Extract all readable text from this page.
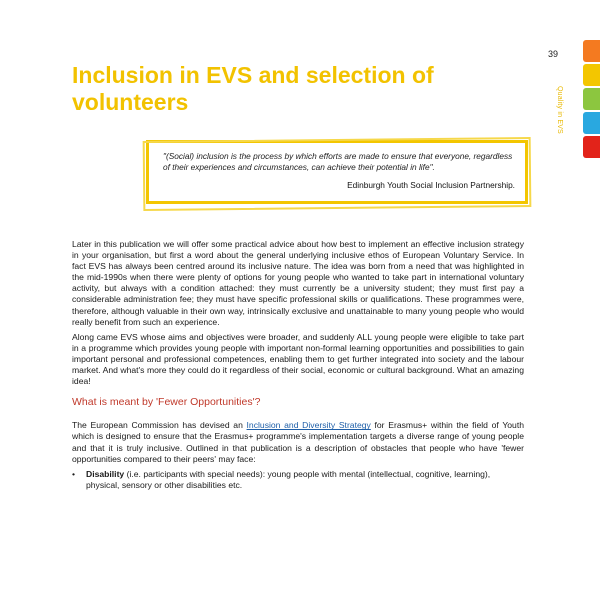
39
Quality in EVS
Inclusion in EVS and selection of volunteers
"(Social) inclusion is the process by which efforts are made to ensure that everyone, regardless of their experiences and circumstances, can achieve their potential in life".
Edinburgh Youth Social Inclusion Partnership.

Later in this publication we will offer some practical advice about how best to implement an effective inclusion strategy in your organisation, but first a word about the general underlying inclusive ethos of European Voluntary Service. In fact EVS has always been centred around its inclusive nature. The idea was born from a need that was highlighted in the mid-1990s when there were plenty of options for young people who wanted to take part in international voluntary activity, but always with a condition attached: they must currently be a university student; they must first pay a considerable administration fee; they must have specific professional skills or qualifications. These programmes were, therefore, although valuable in their own way, intrinsically exclusive and unattainable to many young people who would really benefit from such an experience.

Along came EVS whose aims and objectives were broader, and suddenly ALL young people were eligible to take part in a programme which provides young people with important non-formal learning opportunities and possibilities to gain important personal and professional competences, enabling them to get further integrated into society and the labour market. And what's more they could do it regardless of their social, economic or cultural background. What an amazing idea!

What is meant by 'Fewer Opportunities'?

The European Commission has devised an Inclusion and Diversity Strategy for Erasmus+ within the field of Youth which is designed to ensure that the Erasmus+ programme's implementation targets a diverse range of young people and that it is truly inclusive. Outlined in that publication is a description of obstacles that people who have 'fewer opportunities compared to their peers' may face:

•	Disability (i.e. participants with special needs): young people with mental (intellectual, cognitive, learning), physical, sensory or other disabilities etc.
